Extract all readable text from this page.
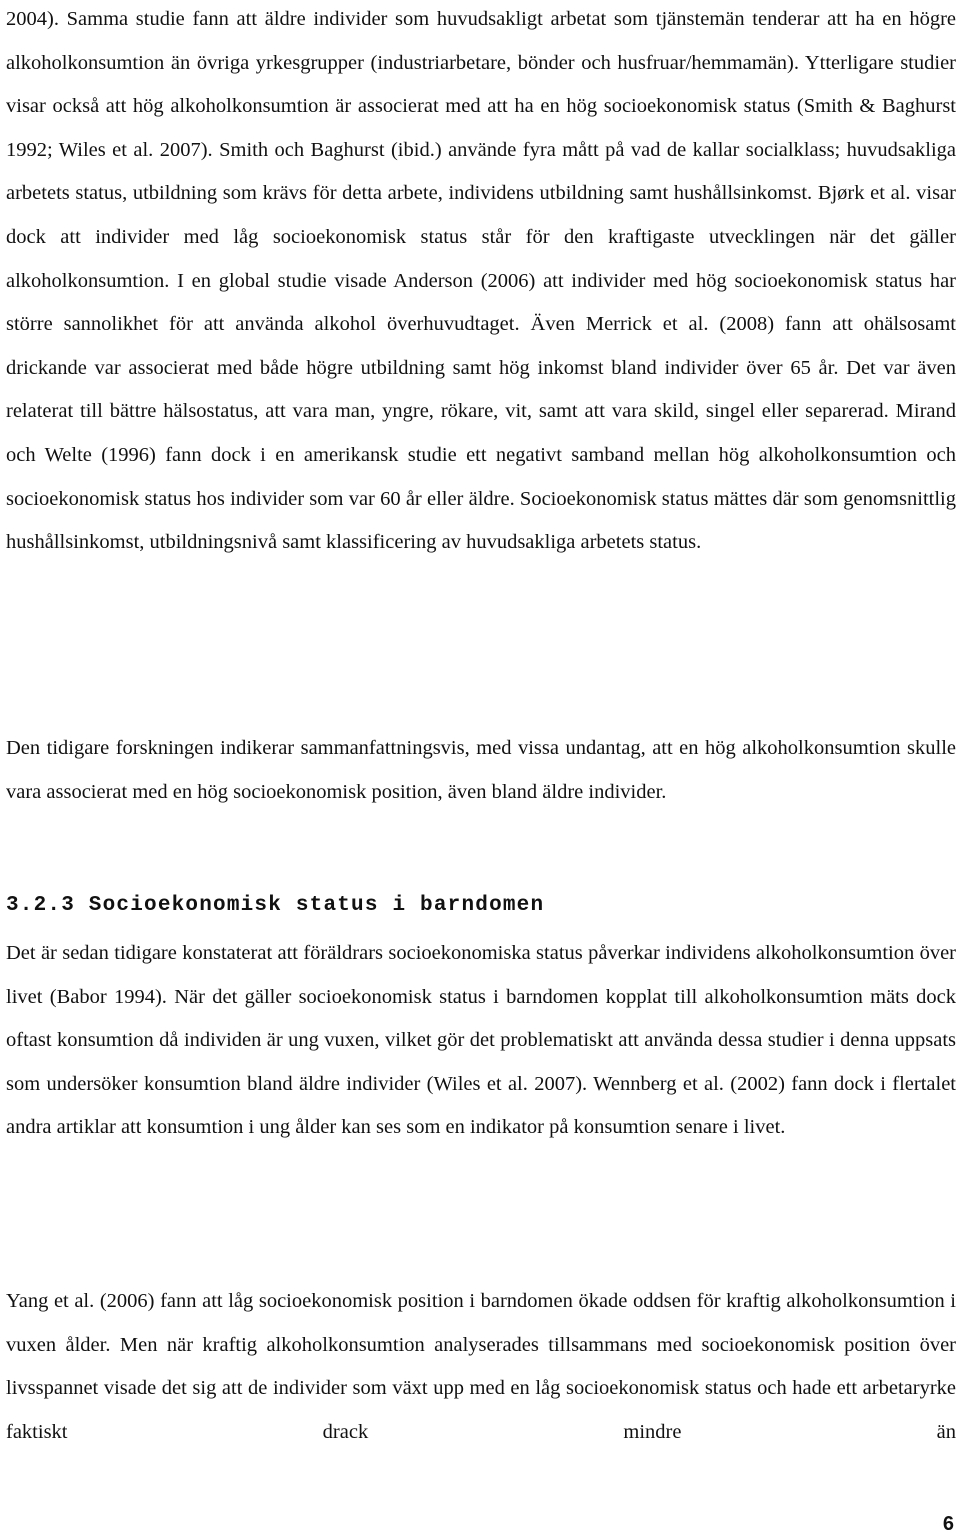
2004). Samma studie fann att äldre individer som huvudsakligt arbetat som tjänstemän tenderar att ha en högre alkoholkonsumtion än övriga yrkesgrupper (industriarbetare, bönder och husfruar/hemmamän). Ytterligare studier visar också att hög alkoholkonsumtion är associerat med att ha en hög socioekonomisk status (Smith & Baghurst 1992; Wiles et al. 2007). Smith och Baghurst (ibid.) använde fyra mått på vad de kallar socialklass; huvudsakliga arbetets status, utbildning som krävs för detta arbete, individens utbildning samt hushållsinkomst. Bjørk et al. visar dock att individer med låg socioekonomisk status står för den kraftigaste utvecklingen när det gäller alkoholkonsumtion. I en global studie visade Anderson (2006) att individer med hög socioekonomisk status har större sannolikhet för att använda alkohol överhuvudtaget. Även Merrick et al. (2008) fann att ohälsosamt drickande var associerat med både högre utbildning samt hög inkomst bland individer över 65 år. Det var även relaterat till bättre hälsostatus, att vara man, yngre, rökare, vit, samt att vara skild, singel eller separerad. Mirand och Welte (1996) fann dock i en amerikansk studie ett negativt samband mellan hög alkoholkonsumtion och socioekonomisk status hos individer som var 60 år eller äldre. Socioekonomisk status mättes där som genomsnittlig hushållsinkomst, utbildningsnivå samt klassificering av huvudsakliga arbetets status.

Den tidigare forskningen indikerar sammanfattningsvis, med vissa undantag, att en hög alkoholkonsumtion skulle vara associerat med en hög socioekonomisk position, även bland äldre individer.

3.2.3 Socioekonomisk status i barndomen

Det är sedan tidigare konstaterat att föräldrars socioekonomiska status påverkar individens alkoholkonsumtion över livet (Babor 1994). När det gäller socioekonomisk status i barndomen kopplat till alkoholkonsumtion mäts dock oftast konsumtion då individen är ung vuxen, vilket gör det problematiskt att använda dessa studier i denna uppsats som undersöker konsumtion bland äldre individer (Wiles et al. 2007). Wennberg et al. (2002) fann dock i flertalet andra artiklar att konsumtion i ung ålder kan ses som en indikator på konsumtion senare i livet.

Yang et al. (2006) fann att låg socioekonomisk position i barndomen ökade oddsen för kraftig alkoholkonsumtion i vuxen ålder. Men när kraftig alkoholkonsumtion analyserades tillsammans med socioekonomisk position över livsspannet visade det sig att de individer som växt upp med en låg socioekonomisk status och hade ett arbetaryrke faktiskt drack mindre än

6
